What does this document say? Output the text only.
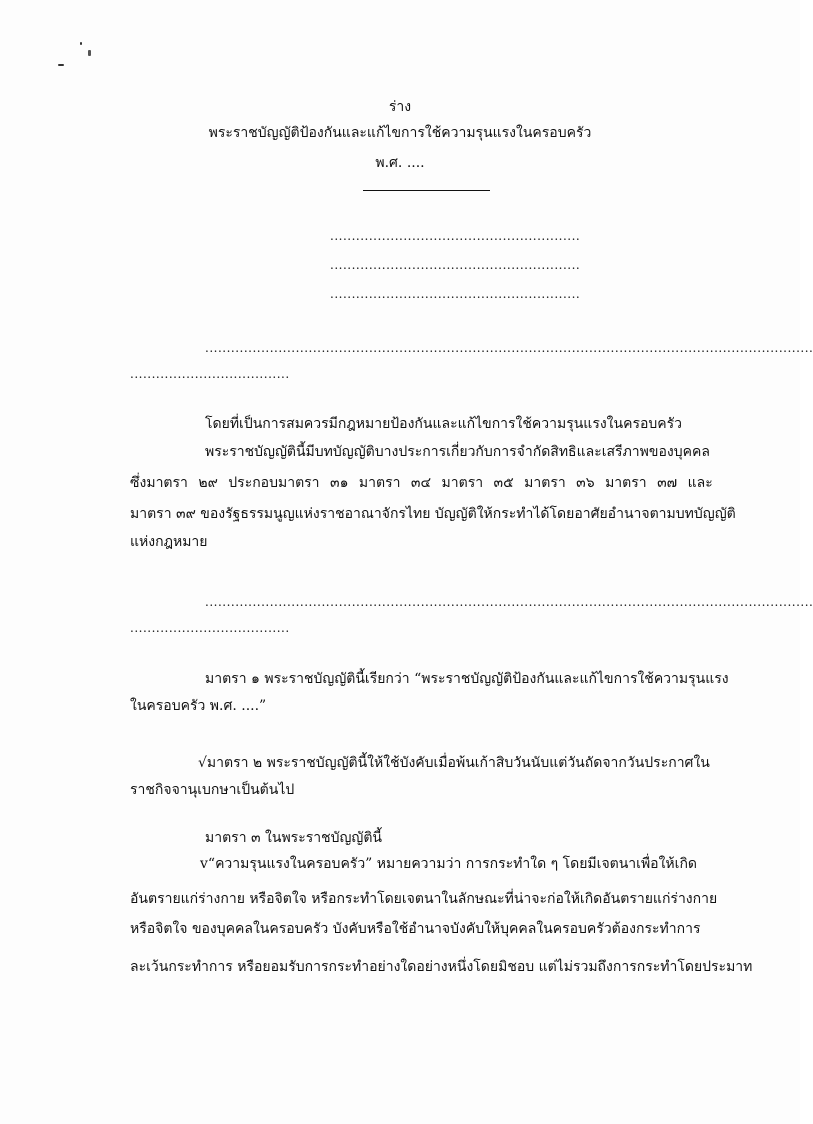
ร่าง
พระราชบัญญัติป้องกันและแก้ไขการใช้ความรุนแรงในครอบครัว
พ.ศ. ....
..........................................................
..........................................................
..........................................................
.............................................................................................................................................
.....................................
โดยที่เป็นการสมควรมีกฎหมายป้องกันและแก้ไขการใช้ความรุนแรงในครอบครัว
พระราชบัญญัตินี้มีบทบัญญัติบางประการเกี่ยวกับการจำกัดสิทธิและเสรีภาพของบุคคล
ซึ่งมาตรา ๒๙ ประกอบมาตรา ๓๑ มาตรา ๓๔ มาตรา ๓๕ มาตรา ๓๖ มาตรา ๓๗ และ
มาตรา ๓๙ ของรัฐธรรมนูญแห่งราชอาณาจักรไทย บัญญัติให้กระทำได้โดยอาศัยอำนาจตามบทบัญญัติ
แห่งกฎหมาย
.............................................................................................................................................
.....................................
มาตรา ๑ พระราชบัญญัตินี้เรียกว่า “พระราชบัญญัติป้องกันและแก้ไขการใช้ความรุนแรง
ในครอบครัว พ.ศ. ....”
√มาตรา ๒ พระราชบัญญัตินี้ให้ใช้บังคับเมื่อพ้นเก้าสิบวันนับแต่วันถัดจากวันประกาศใน
ราชกิจจานุเบกษาเป็นต้นไป
มาตรา ๓ ในพระราชบัญญัตินี้
v“ความรุนแรงในครอบครัว” หมายความว่า การกระทำใด ๆ โดยมีเจตนาเพื่อให้เกิด
อันตรายแก่ร่างกาย หรือจิตใจ หรือกระทำโดยเจตนาในลักษณะที่น่าจะก่อให้เกิดอันตรายแก่ร่างกาย
หรือจิตใจ ของบุคคลในครอบครัว บังคับหรือใช้อำนาจบังคับให้บุคคลในครอบครัวต้องกระทำการ
ละเว้นกระทำการ หรือยอมรับการกระทำอย่างใดอย่างหนึ่งโดยมิชอบ แต่ไม่รวมถึงการกระทำโดยประมาท
